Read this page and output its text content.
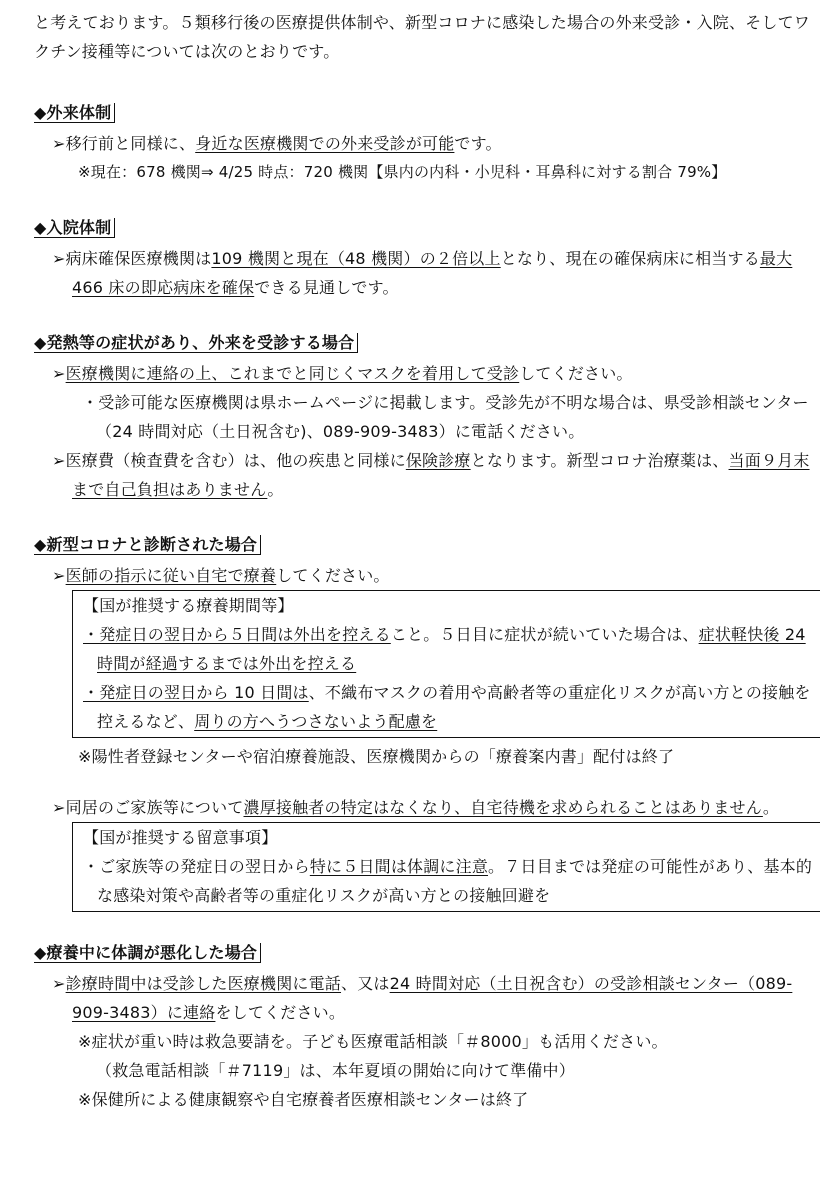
と考えております。５類移行後の医療提供体制や、新型コロナに感染した場合の外来受診・入院、そしてワクチン接種等については次のとおりです。

◆外来体制
➢移行前と同様に、身近な医療機関での外来受診が可能です。
※現在：678 機関⇒ 4/25 時点：720 機関【県内の内科・小児科・耳鼻科に対する割合 79%】
◆入院体制
➢病床確保医療機関は109 機関と現在（48 機関）の２倍以上となり、現在の確保病床に相当する最大 466 床の即応病床を確保できる見通しです。
◆発熱等の症状があり、外来を受診する場合
➢医療機関に連絡の上、これまでと同じくマスクを着用して受診してください。
・受診可能な医療機関は県ホームページに掲載します。受診先が不明な場合は、県受診相談センター（24 時間対応（土日祝含む)、089-909-3483）に電話ください。
➢医療費（検査費を含む）は、他の疾患と同様に保険診療となります。新型コロナ治療薬は、当面９月末まで自己負担はありません。
◆新型コロナと診断された場合
➢医師の指示に従い自宅で療養してください。
【国が推奨する療養期間等】
・発症日の翌日から５日間は外出を控えること。５日目に症状が続いていた場合は、症状軽快後 24 時間が経過するまでは外出を控える
・発症日の翌日から 10 日間は、不織布マスクの着用や高齢者等の重症化リスクが高い方との接触を控えるなど、周りの方へうつさないよう配慮を
※陽性者登録センターや宿泊療養施設、医療機関からの「療養案内書」配付は終了
➢同居のご家族等について濃厚接触者の特定はなくなり、自宅待機を求められることはありません。
【国が推奨する留意事項】
・ご家族等の発症日の翌日から特に５日間は体調に注意。７日目までは発症の可能性があり、基本的な感染対策や高齢者等の重症化リスクが高い方との接触回避を
◆療養中に体調が悪化した場合
➢診療時間中は受診した医療機関に電話、又は24 時間対応（土日祝含む）の受診相談センター（089-909-3483）に連絡をしてください。
※症状が重い時は救急要請を。子ども医療電話相談「＃8000」も活用ください。
（救急電話相談「＃7119」は、本年夏頃の開始に向けて準備中）
※保健所による健康観察や自宅療養者医療相談センターは終了
